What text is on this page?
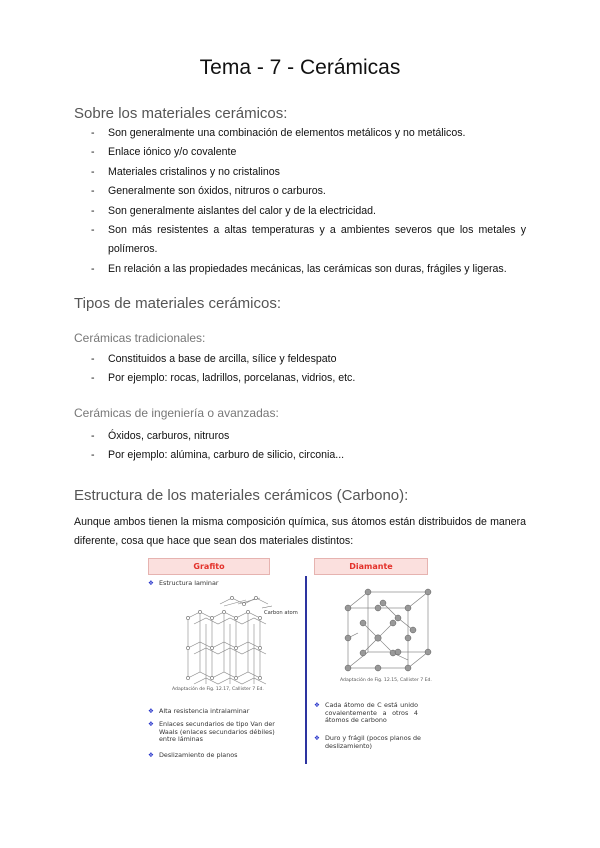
Tema - 7 - Cerámicas
Sobre los materiales cerámicos:
- Son generalmente una combinación de elementos metálicos y no metálicos.
- Enlace iónico y/o covalente
- Materiales cristalinos y no cristalinos
- Generalmente son óxidos, nitruros o carburos.
- Son generalmente aislantes del calor y de la electricidad.
- Son más resistentes a altas temperaturas y a ambientes severos que los metales y polímeros.
- En relación a las propiedades mecánicas, las cerámicas son duras, frágiles y ligeras.
Tipos de materiales cerámicos:
Cerámicas tradicionales:
- Constituidos a base de arcilla, sílice y feldespato
- Por ejemplo: rocas, ladrillos, porcelanas, vidrios, etc.
Cerámicas de ingeniería o avanzadas:
- Óxidos, carburos, nitruros
- Por ejemplo: alúmina, carburo de silicio, circonia...
Estructura de los materiales cerámicos (Carbono):
Aunque ambos tienen la misma composición química, sus átomos están distribuidos de manera diferente, cosa que hace que sean dos materiales distintos:
Grafito	Diamante
❖ Estructura laminar
Carbon atom
Adaptación de Fig. 12.17, Callister 7 Ed.
❖ Alta resistencia intralaminar
❖ Enlaces secundarios de tipo Van der Waals (enlaces secundarios débiles) entre láminas
❖ Deslizamiento de planos
Adaptación de Fig. 12.15, Callister 7 Ed.
❖ Cada átomo de C está unido covalentemente a otros 4 átomos de carbono
❖ Duro y frágil (pocos planos de deslizamiento)
